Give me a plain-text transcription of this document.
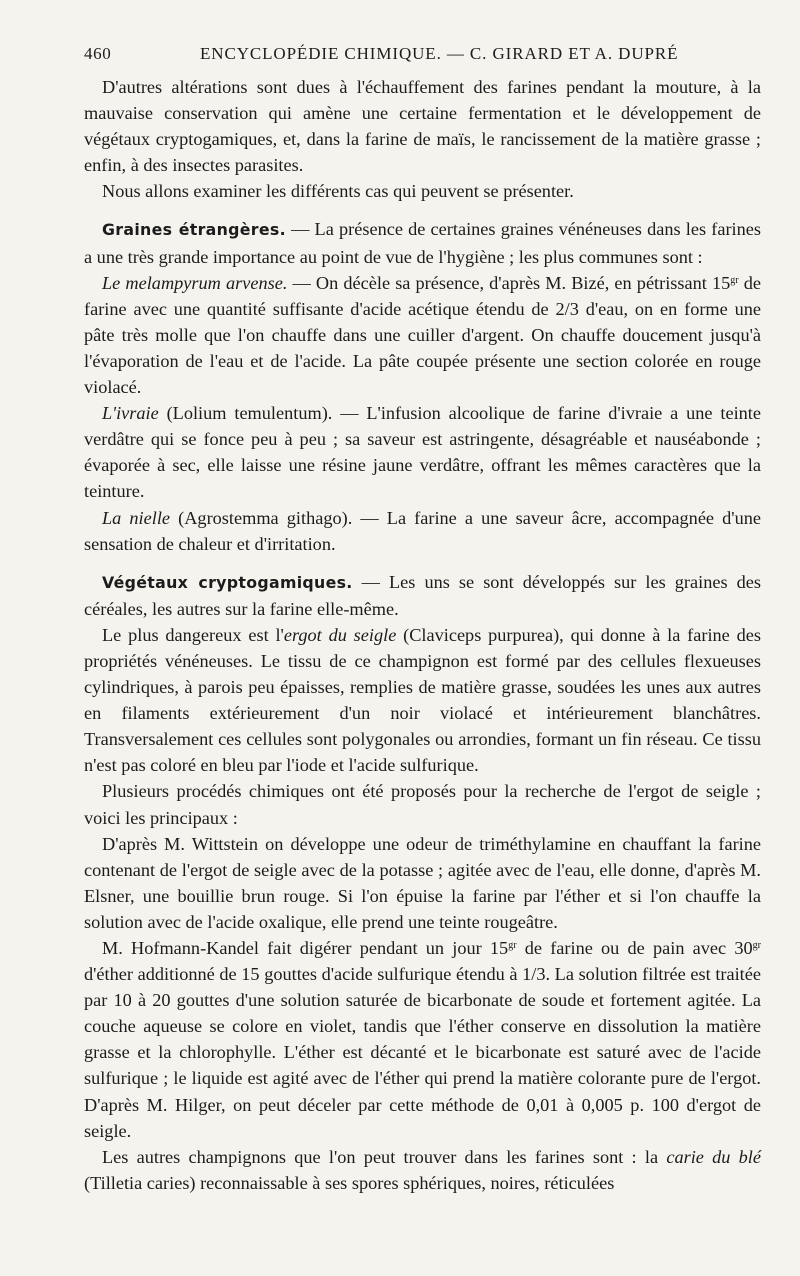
460	ENCYCLOPÉDIE CHIMIQUE. — C. GIRARD ET A. DUPRÉ

D'autres altérations sont dues à l'échauffement des farines pendant la mouture, à la mauvaise conservation qui amène une certaine fermentation et le développement de végétaux cryptogamiques, et, dans la farine de maïs, le rancissement de la matière grasse ; enfin, à des insectes parasites.

Nous allons examiner les différents cas qui peuvent se présenter.

Graines étrangères. — La présence de certaines graines vénéneuses dans les farines a une très grande importance au point de vue de l'hygiène ; les plus communes sont :

Le melampyrum arvense. — On décèle sa présence, d'après M. Bizé, en pétrissant $15^{gr}$ de farine avec une quantité suffisante d'acide acétique étendu de 2/3 d'eau, on en forme une pâte très molle que l'on chauffe dans une cuiller d'argent. On chauffe doucement jusqu'à l'évaporation de l'eau et de l'acide. La pâte coupée présente une section colorée en rouge violacé.

L'ivraie (Lolium temulentum). — L'infusion alcoolique de farine d'ivraie a une teinte verdâtre qui se fonce peu à peu ; sa saveur est astringente, désagréable et nauséabonde ; évaporée à sec, elle laisse une résine jaune verdâtre, offrant les mêmes caractères que la teinture.

La nielle (Agrostemma githago). — La farine a une saveur âcre, accompagnée d'une sensation de chaleur et d'irritation.

Végétaux cryptogamiques. — Les uns se sont développés sur les graines des céréales, les autres sur la farine elle-même.

Le plus dangereux est l'ergot du seigle (Claviceps purpurea), qui donne à la farine des propriétés vénéneuses. Le tissu de ce champignon est formé par des cellules flexueuses cylindriques, à parois peu épaisses, remplies de matière grasse, soudées les unes aux autres en filaments extérieurement d'un noir violacé et intérieurement blanchâtres. Transversalement ces cellules sont polygonales ou arrondies, formant un fin réseau. Ce tissu n'est pas coloré en bleu par l'iode et l'acide sulfurique.

Plusieurs procédés chimiques ont été proposés pour la recherche de l'ergot de seigle ; voici les principaux :

D'après M. Wittstein on développe une odeur de triméthylamine en chauffant la farine contenant de l'ergot de seigle avec de la potasse ; agitée avec de l'eau, elle donne, d'après M. Elsner, une bouillie brun rouge. Si l'on épuise la farine par l'éther et si l'on chauffe la solution avec de l'acide oxalique, elle prend une teinte rougeâtre.

M. Hofmann-Kandel fait digérer pendant un jour $15^{gr}$ de farine ou de pain avec $30^{gr}$ d'éther additionné de 15 gouttes d'acide sulfurique étendu à 1/3. La solution filtrée est traitée par 10 à 20 gouttes d'une solution saturée de bicarbonate de soude et fortement agitée. La couche aqueuse se colore en violet, tandis que l'éther conserve en dissolution la matière grasse et la chlorophylle. L'éther est décanté et le bicarbonate est saturé avec de l'acide sulfurique ; le liquide est agité avec de l'éther qui prend la matière colorante pure de l'ergot. D'après M. Hilger, on peut déceler par cette méthode de 0,01 à 0,005 p. 100 d'ergot de seigle.

Les autres champignons que l'on peut trouver dans les farines sont : la carie du blé (Tilletia caries) reconnaissable à ses spores sphériques, noires, réticulées
